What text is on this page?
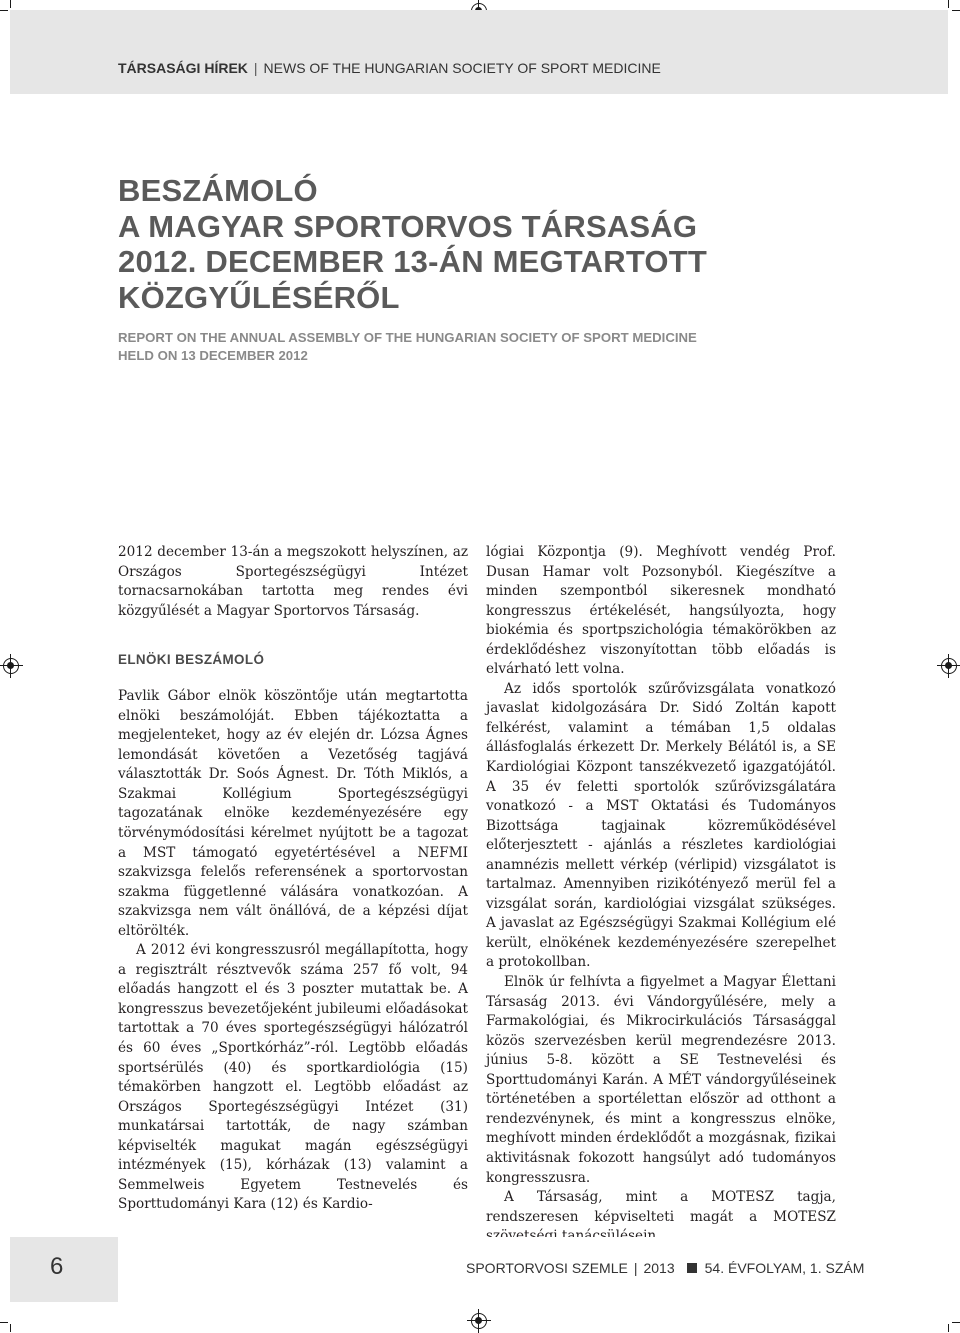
TÁRSASÁGI HÍREK | NEWS OF THE HUNGARIAN SOCIETY OF SPORT MEDICINE
BESZÁMOLÓ
A MAGYAR SPORTORVOS TÁRSASÁG
2012. DECEMBER 13-ÁN MEGTARTOTT
KÖZGYŰLÉSÉRŐL
REPORT ON THE ANNUAL ASSEMBLY OF THE HUNGARIAN SOCIETY OF SPORT MEDICINE
HELD ON 13 DECEMBER 2012

2012 december 13-án a megszokott helyszínen, az Országos Sportegészségügyi Intézet tornacsarnokában tartotta meg rendes évi közgyűlését a Magyar Sportorvos Társaság.

ELNÖKI BESZÁMOLÓ

Pavlik Gábor elnök köszöntője után megtartotta elnöki beszámolóját. Ebben tájékoztatta a megjelenteket, hogy az év elején dr. Lózsa Ágnes lemondását követően a Vezetőség tagjává választották Dr. Soós Ágnest. Dr. Tóth Miklós, a Szakmai Kollégium Sportegészségügyi tagozatának elnöke kezdeményezésére egy törvénymódosítási kérelmet nyújtott be a tagozat a MST támogató egyetértésével a NEFMI szakvizsga felelős referensének a sportorvostan szakma függetlenné válására vonatkozóan. A szakvizsga nem vált önállóvá, de a képzési díjat eltörölték.

A 2012 évi kongresszusról megállapította, hogy a regisztrált résztvevők száma 257 fő volt, 94 előadás hangzott el és 3 poszter mutattak be. A kongresszus bevezetőjeként jubileumi előadásokat tartottak a 70 éves sportegészségügyi hálózatról és 60 éves „Sportkórház”-ról. Legtöbb előadás sportsérülés (40) és sportkardiológia (15) témakörben hangzott el. Legtöbb előadást az Országos Sportegészségügyi Intézet (31) munkatársai tartották, de nagy számban képviselték magukat magán egészségügyi intézmények (15), kórházak (13) valamint a Semmelweis Egyetem Testnevelés és Sporttudományi Kara (12) és Kardio-

lógiai Központja (9). Meghívott vendég Prof. Dusan Hamar volt Pozsonyból. Kiegészítve a minden szempontból sikeresnek mondható kongresszus értékelését, hangsúlyozta, hogy biokémia és sportpszichológia témakörökben az érdeklődéshez viszonyítottan több előadás is elvárható lett volna.

Az idős sportolók szűrővizsgálata vonatkozó javaslat kidolgozására Dr. Sidó Zoltán kapott felkérést, valamint a témában 1,5 oldalas állásfoglalás érkezett Dr. Merkely Bélától is, a SE Kardiológiai Központ tanszékvezető igazgatójától. A 35 év feletti sportolók szűrővizsgálatára vonatkozó - a MST Oktatási és Tudományos Bizottsága tagjainak közreműködésével előterjesztett - ajánlás a részletes kardiológiai anamnézis mellett vérkép (vérlipid) vizsgálatot is tartalmaz. Amennyiben rizikótényező merül fel a vizsgálat során, kardiológiai vizsgálat szükséges. A javaslat az Egészségügyi Szakmai Kollégium elé került, elnökének kezdeményezésére szerepelhet a protokollban.

Elnök úr felhívta a figyelmet a Magyar Élettani Társaság 2013. évi Vándorgyűlésére, mely a Farmakológiai, és Mikrocirkulációs Társasággal közös szervezésben kerül megrendezésre 2013. június 5-8. között a SE Testnevelési és Sporttudományi Karán. A MÉT vándorgyűléseinek történetében a sportélettan először ad otthont a rendezvénynek, és mint a kongresszus elnöke, meghívott minden érdeklődőt a mozgásnak, fizikai aktivitásnak fokozott hangsúlyt adó tudományos kongresszusra.

A Társaság, mint a MOTESZ tagja, rendszeresen képviselteti magát a MOTESZ

6	SPORTORVOSI SZEMLE | 2013 54. ÉVFOLYAM, 1. SZÁM
